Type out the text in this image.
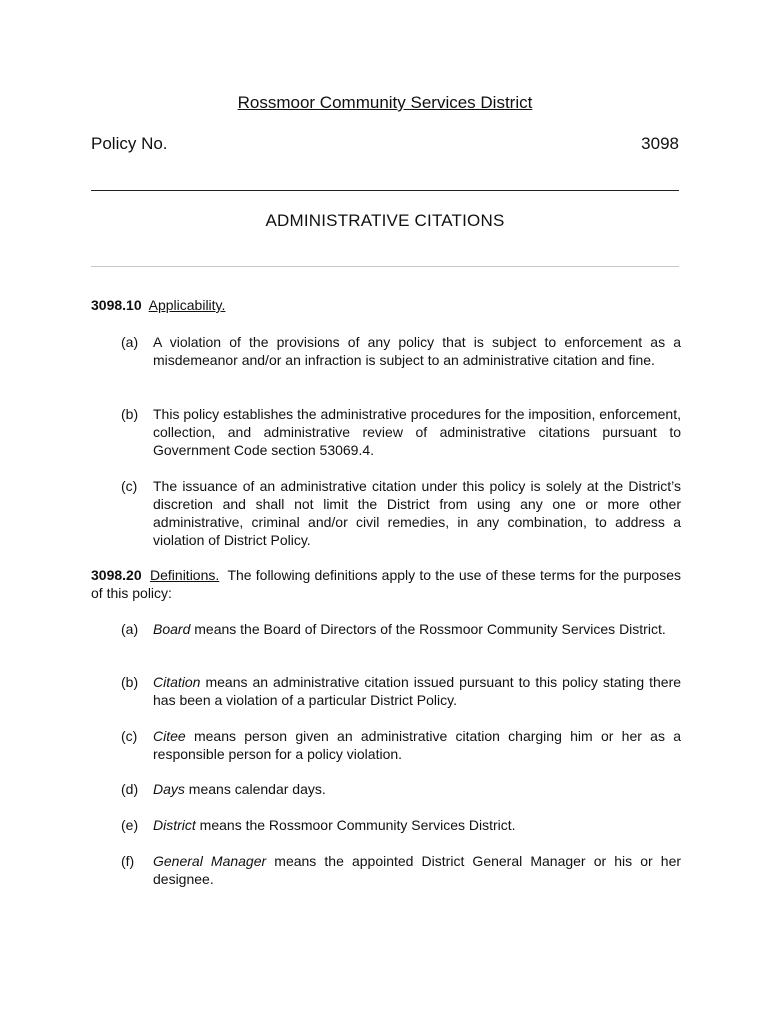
Rossmoor Community Services District
Policy No.	3098
ADMINISTRATIVE CITATIONS
3098.10 Applicability.
(a) A violation of the provisions of any policy that is subject to enforcement as a misdemeanor and/or an infraction is subject to an administrative citation and fine.
(b) This policy establishes the administrative procedures for the imposition, enforcement, collection, and administrative review of administrative citations pursuant to Government Code section 53069.4.
(c) The issuance of an administrative citation under this policy is solely at the District’s discretion and shall not limit the District from using any one or more other administrative, criminal and/or civil remedies, in any combination, to address a violation of District Policy.
3098.20 Definitions. The following definitions apply to the use of these terms for the purposes of this policy:
(a) Board means the Board of Directors of the Rossmoor Community Services District.
(b) Citation means an administrative citation issued pursuant to this policy stating there has been a violation of a particular District Policy.
(c) Citee means person given an administrative citation charging him or her as a responsible person for a policy violation.
(d) Days means calendar days.
(e) District means the Rossmoor Community Services District.
(f) General Manager means the appointed District General Manager or his or her designee.
